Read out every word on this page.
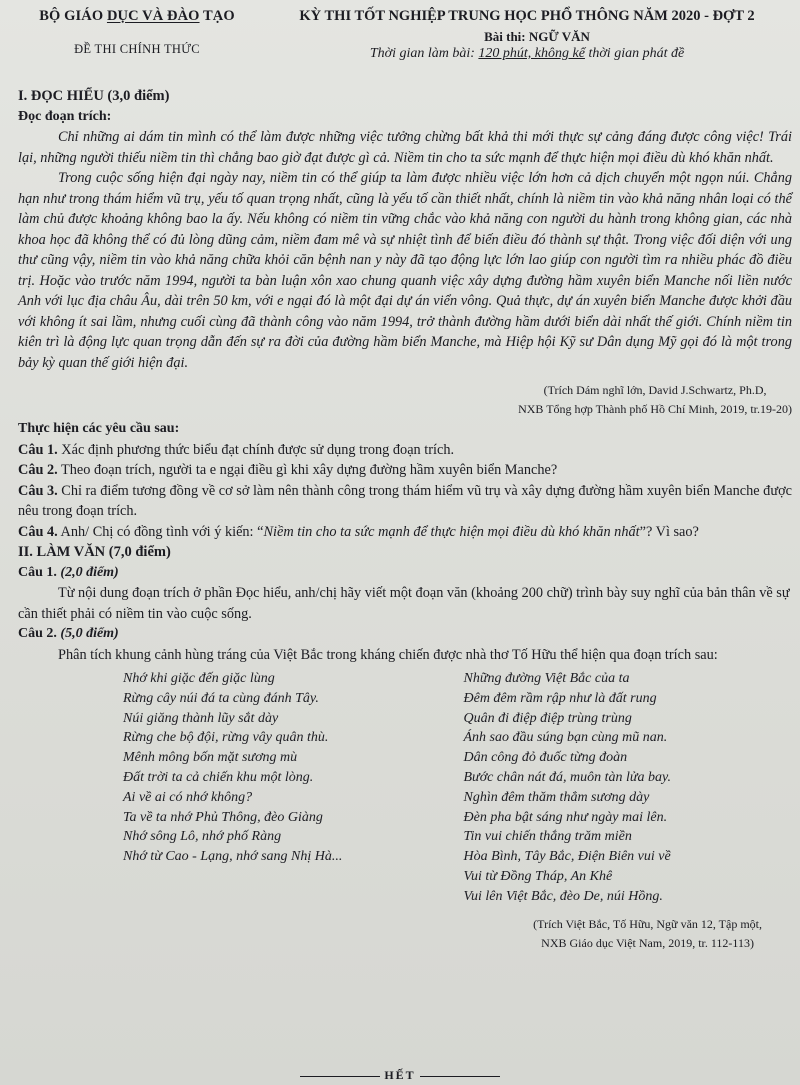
BỘ GIÁO DỤC VÀ ĐÀO TẠO
ĐỀ THI CHÍNH THỨC
KỲ THI TỐT NGHIỆP TRUNG HỌC PHỔ THÔNG NĂM 2020 - ĐỢT 2
Bài thi: NGỮ VĂN
Thời gian làm bài: 120 phút, không kể thời gian phát đề
I. ĐỌC HIỂU (3,0 điểm)
Đọc đoạn trích:
Chỉ những ai dám tin mình có thể làm được những việc tưởng chừng bất khả thi mới thực sự cảng đáng được công việc! Trái lại, những người thiếu niềm tin thì chẳng bao giờ đạt được gì cả. Niềm tin cho ta sức mạnh để thực hiện mọi điều dù khó khăn nhất.
Trong cuộc sống hiện đại ngày nay, niềm tin có thể giúp ta làm được nhiều việc lớn hơn cả dịch chuyển một ngọn núi. Chẳng hạn như trong thám hiểm vũ trụ, yếu tố quan trọng nhất, cũng là yếu tố cần thiết nhất, chính là niềm tin vào khả năng nhân loại có thể làm chủ được khoảng không bao la ấy. Nếu không có niềm tin vững chắc vào khả năng con người du hành trong không gian, các nhà khoa học đã không thể có đủ lòng dũng cảm, niềm đam mê và sự nhiệt tình để biến điều đó thành sự thật. Trong việc đối diện với ung thư cũng vậy, niềm tin vào khả năng chữa khỏi căn bệnh nan y này đã tạo động lực lớn lao giúp con người tìm ra nhiều phác đồ điều trị. Hoặc vào trước năm 1994, người ta bàn luận xôn xao chung quanh việc xây dựng đường hầm xuyên biển Manche nối liền nước Anh với lục địa châu Âu, dài trên 50 km, với e ngại đó là một đại dự án viển vông. Quả thực, dự án xuyên biển Manche được khởi đầu với không ít sai lầm, nhưng cuối cùng đã thành công vào năm 1994, trở thành đường hầm dưới biển dài nhất thế giới. Chính niềm tin kiên trì là động lực quan trọng dẫn đến sự ra đời của đường hầm biển Manche, mà Hiệp hội Kỹ sư Dân dụng Mỹ gọi đó là một trong bảy kỳ quan thế giới hiện đại.
(Trích Dám nghĩ lớn, David J.Schwartz, Ph.D,
NXB Tổng hợp Thành phố Hồ Chí Minh, 2019, tr.19-20)
Thực hiện các yêu cầu sau:
Câu 1. Xác định phương thức biểu đạt chính được sử dụng trong đoạn trích.
Câu 2. Theo đoạn trích, người ta e ngại điều gì khi xây dựng đường hầm xuyên biển Manche?
Câu 3. Chỉ ra điểm tương đồng về cơ sở làm nên thành công trong thám hiểm vũ trụ và xây dựng đường hầm xuyên biển Manche được nêu trong đoạn trích.
Câu 4. Anh/ Chị có đồng tình với ý kiến: “Niềm tin cho ta sức mạnh để thực hiện mọi điều dù khó khăn nhất”? Vì sao?
II. LÀM VĂN (7,0 điểm)
Câu 1. (2,0 điểm)
Từ nội dung đoạn trích ở phần Đọc hiểu, anh/chị hãy viết một đoạn văn (khoảng 200 chữ) trình bày suy nghĩ của bản thân về sự cần thiết phải có niềm tin vào cuộc sống.
Câu 2. (5,0 điểm)
Phân tích khung cảnh hùng tráng của Việt Bắc trong kháng chiến được nhà thơ Tố Hữu thể hiện qua đoạn trích sau:
Nhớ khi giặc đến giặc lùng
Rừng cây núi đá ta cùng đánh Tây.
Núi giăng thành lũy sắt dày
Rừng che bộ đội, rừng vây quân thù.
Mênh mông bốn mặt sương mù
Đất trời ta cả chiến khu một lòng.
Ai về ai có nhớ không?
Ta về ta nhớ Phủ Thông, đèo Giàng
Nhớ sông Lô, nhớ phố Ràng
Nhớ từ Cao - Lạng, nhớ sang Nhị Hà...
Những đường Việt Bắc của ta
Đêm đêm rầm rập như là đất rung
Quân đi điệp điệp trùng trùng
Ánh sao đầu súng bạn cùng mũ nan.
Dân công đỏ đuốc từng đoàn
Bước chân nát đá, muôn tàn lửa bay.
Nghìn đêm thăm thẳm sương dày
Đèn pha bật sáng như ngày mai lên.
Tin vui chiến thắng trăm miền
Hòa Bình, Tây Bắc, Điện Biên vui về
Vui từ Đồng Tháp, An Khê
Vui lên Việt Bắc, đèo De, núi Hồng.
(Trích Việt Bắc, Tố Hữu, Ngữ văn 12, Tập một,
NXB Giáo dục Việt Nam, 2019, tr. 112-113)
HẾT
